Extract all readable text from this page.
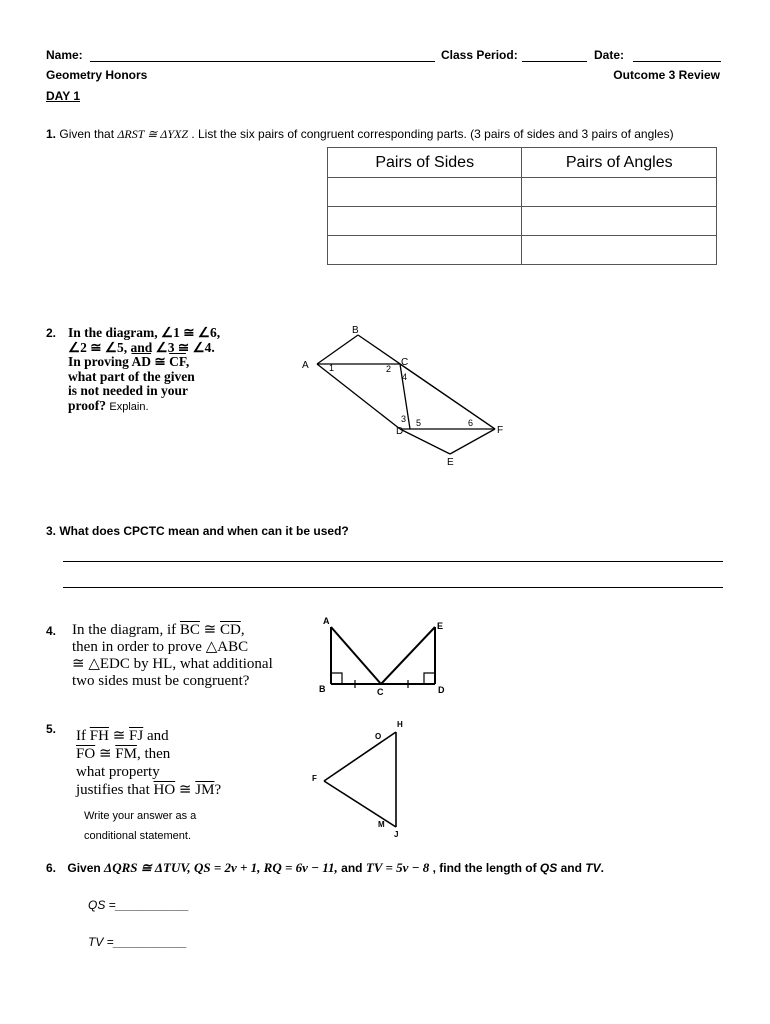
Name:	Class Period:	Date:
Geometry Honors	Outcome 3 Review
DAY 1
1. Given that ΔRST ≅ ΔYXZ . List the six pairs of congruent corresponding parts. (3 pairs of sides and 3 pairs of angles)
Pairs of Sides	Pairs of Angles

2. In the diagram, ∠1 ≅ ∠6,
∠2 ≅ ∠5, and ∠3 ≅ ∠4.
In proving $\overline{AD}$ ≅ $\overline{CF}$,
what part of the given
is not needed in your
proof? Explain.
A
B
C
D
E
F
1	2
3
4
5	6
3. What does CPCTC mean and when can it be used?
4. In the diagram, if $\overline{BC}$ ≅ $\overline{CD}$,
then in order to prove △ABC
≅ △EDC by HL, what additional
two sides must be congruent?
A
B	C	D
E
5. If $\overline{FH}$ ≅ $\overline{FJ}$ and
$\overline{FO}$ ≅ $\overline{FM}$, then
what property
justifies that $\overline{HO}$ ≅ $\overline{JM}$?
Write your answer as a
conditional statement.
F
H
O
M
J
6. Given ΔQRS ≅ ΔTUV, QS = 2v + 1, RQ = 6v − 11, and TV = 5v − 8 , find the length of QS and TV.
QS =___________
TV =___________
